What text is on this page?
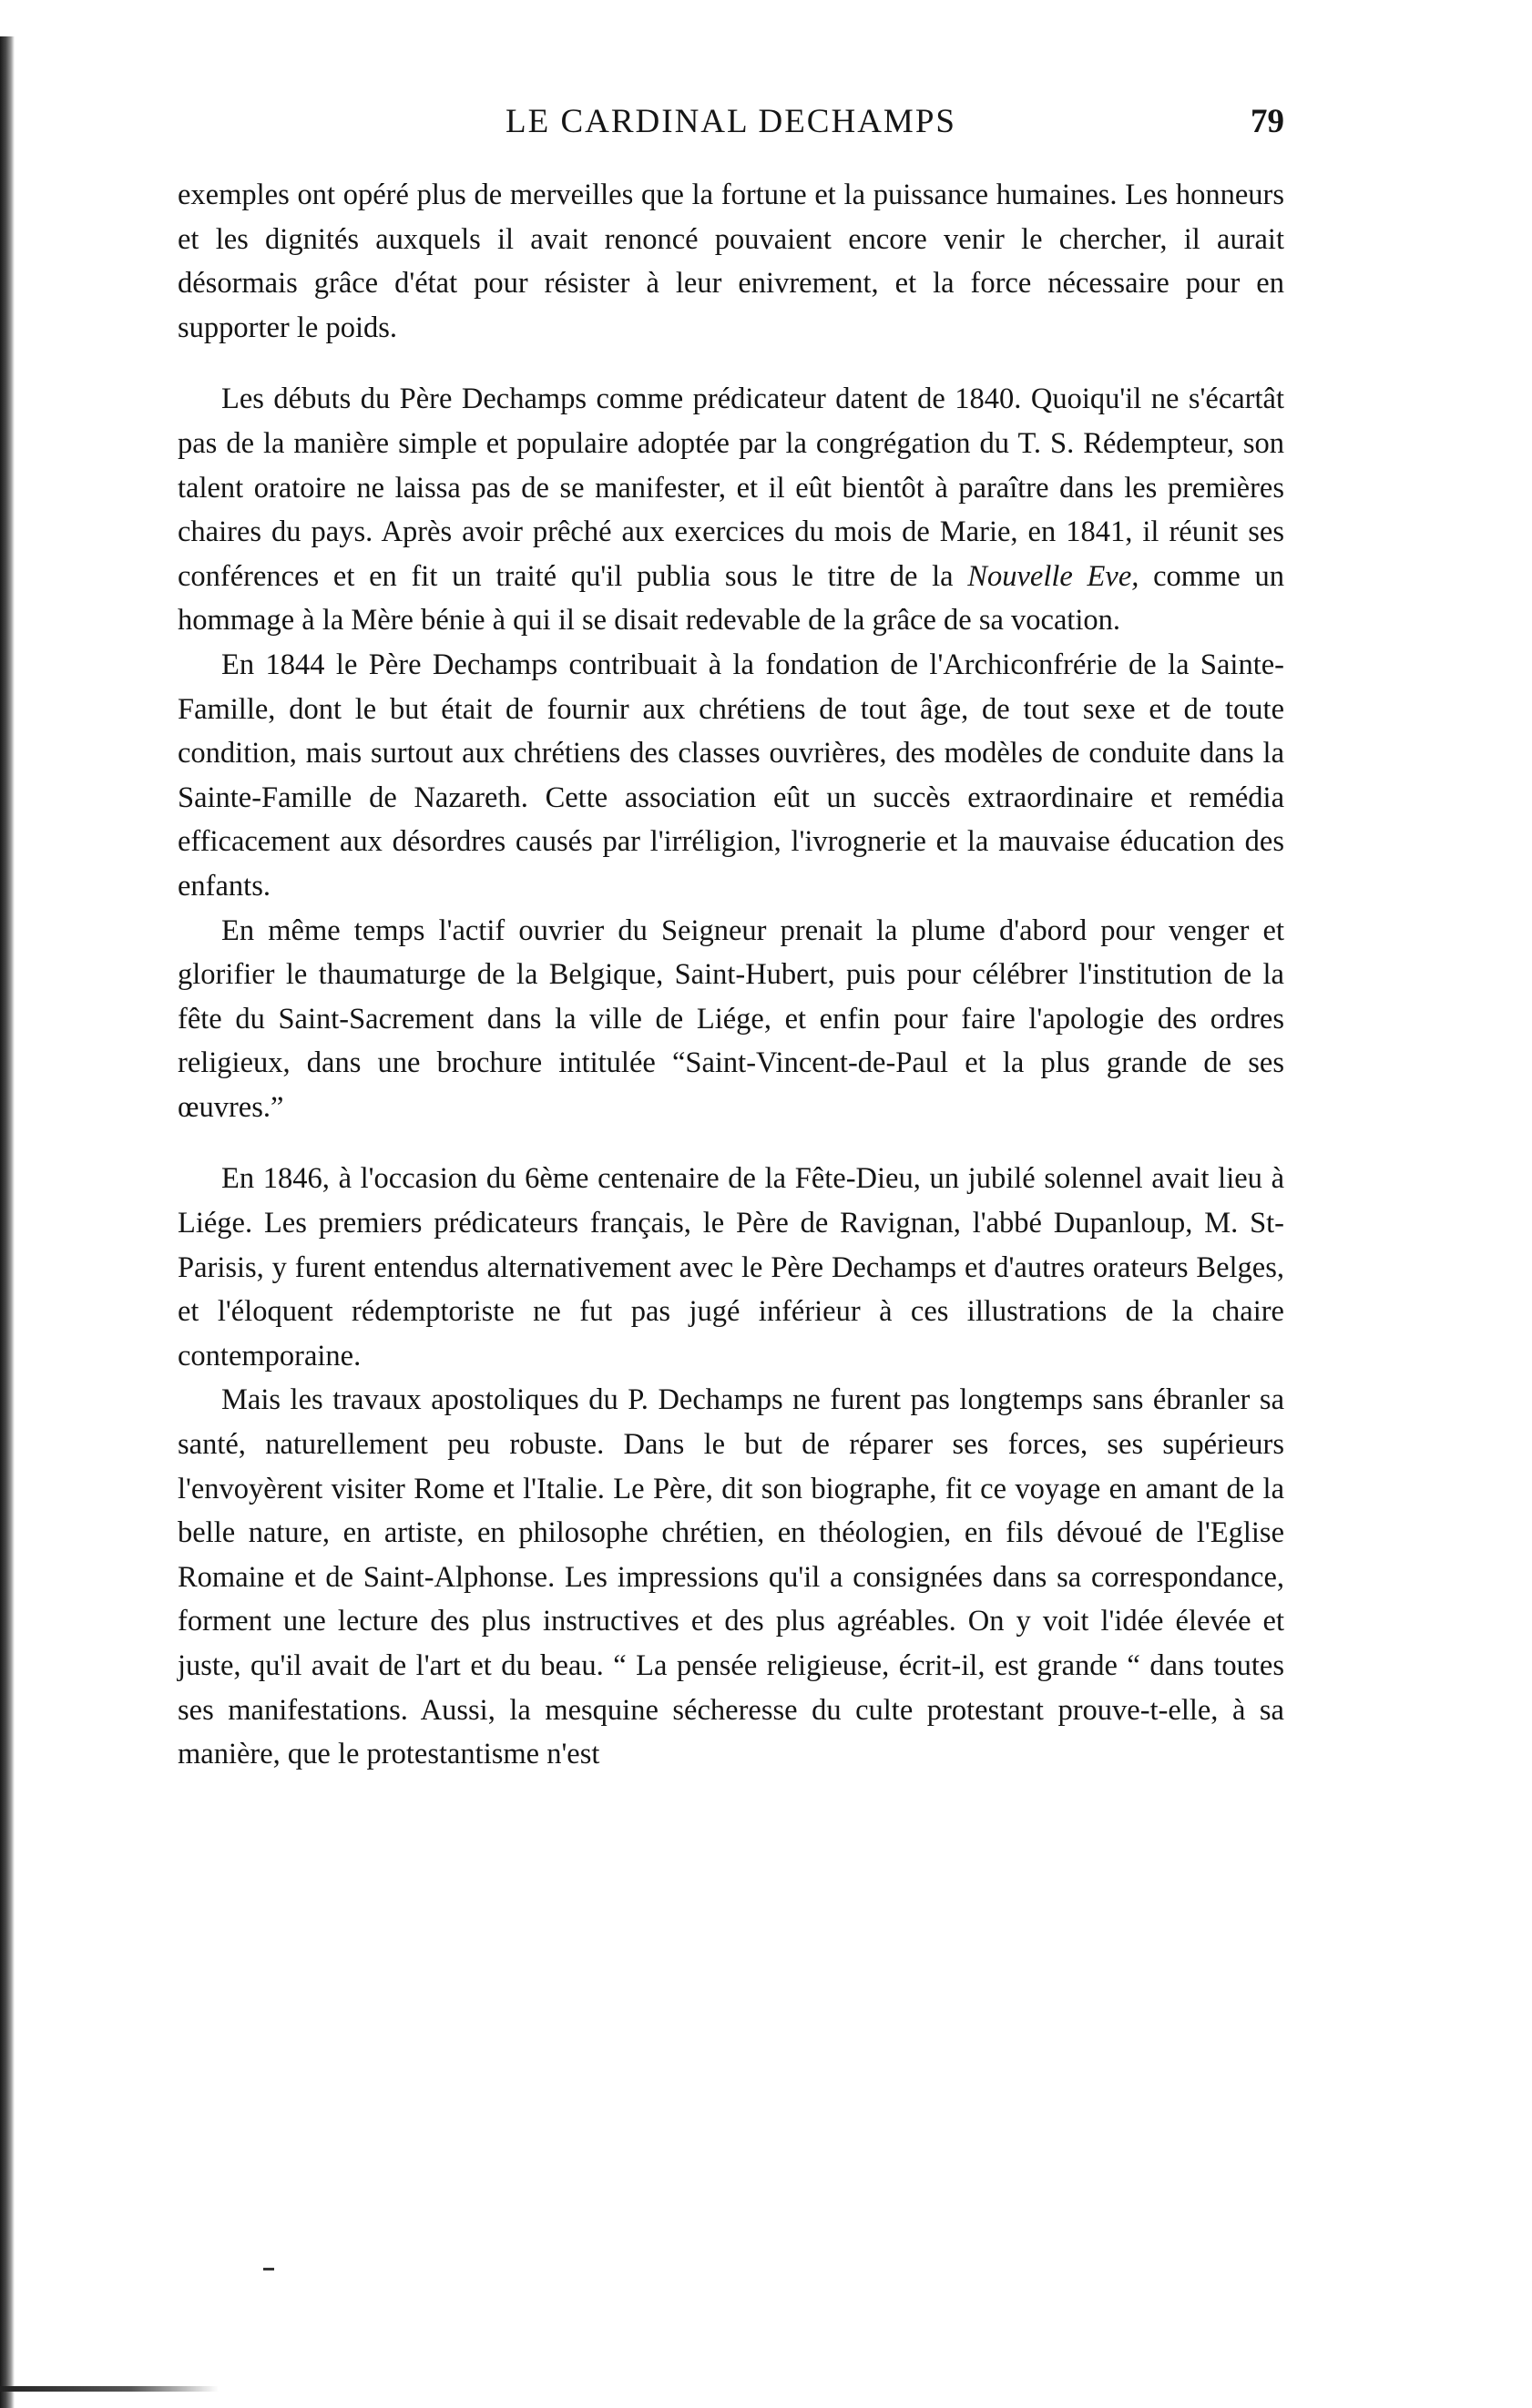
LE CARDINAL DECHAMPS	79

exemples ont opéré plus de merveilles que la fortune et la puissance humaines. Les honneurs et les dignités auxquels il avait renoncé pouvaient encore venir le chercher, il aurait désormais grâce d'état pour résister à leur enivrement, et la force nécessaire pour en supporter le poids.

Les débuts du Père Dechamps comme prédicateur datent de 1840. Quoiqu'il ne s'écartât pas de la manière simple et populaire adoptée par la congrégation du T. S. Rédempteur, son talent oratoire ne laissa pas de se manifester, et il eût bientôt à paraître dans les premières chaires du pays. Après avoir prêché aux exercices du mois de Marie, en 1841, il réunit ses conférences et en fit un traité qu'il publia sous le titre de la Nouvelle Eve, comme un hommage à la Mère bénie à qui il se disait redevable de la grâce de sa vocation.

En 1844 le Père Dechamps contribuait à la fondation de l'Archiconfrérie de la Sainte-Famille, dont le but était de fournir aux chrétiens de tout âge, de tout sexe et de toute condition, mais surtout aux chrétiens des classes ouvrières, des modèles de conduite dans la Sainte-Famille de Nazareth. Cette association eût un succès extraordinaire et remédia efficacement aux désordres causés par l'irréligion, l'ivrognerie et la mauvaise éducation des enfants.

En même temps l'actif ouvrier du Seigneur prenait la plume d'abord pour venger et glorifier le thaumaturge de la Belgique, Saint-Hubert, puis pour célébrer l'institution de la fête du Saint-Sacrement dans la ville de Liége, et enfin pour faire l'apologie des ordres religieux, dans une brochure intitulée “Saint-Vincent-de-Paul et la plus grande de ses œuvres.”

En 1846, à l'occasion du 6ème centenaire de la Fête-Dieu, un jubilé solennel avait lieu à Liége. Les premiers prédicateurs français, le Père de Ravignan, l'abbé Dupanloup, M. St-Parisis, y furent entendus alternativement avec le Père Dechamps et d'autres orateurs Belges, et l'éloquent rédemptoriste ne fut pas jugé inférieur à ces illustrations de la chaire contemporaine.

Mais les travaux apostoliques du P. Dechamps ne furent pas longtemps sans ébranler sa santé, naturellement peu robuste. Dans le but de réparer ses forces, ses supérieurs l'envoyèrent visiter Rome et l'Italie. Le Père, dit son biographe, fit ce voyage en amant de la belle nature, en artiste, en philosophe chrétien, en théologien, en fils dévoué de l'Eglise Romaine et de Saint-Alphonse. Les impressions qu'il a consignées dans sa correspondance, forment une lecture des plus instructives et des plus agréables. On y voit l'idée élevée et juste, qu'il avait de l'art et du beau. “ La pensée religieuse, écrit-il, est grande “ dans toutes ses manifestations. Aussi, la mesquine sécheresse du culte protestant prouve-t-elle, à sa manière, que le protestantisme n'est
